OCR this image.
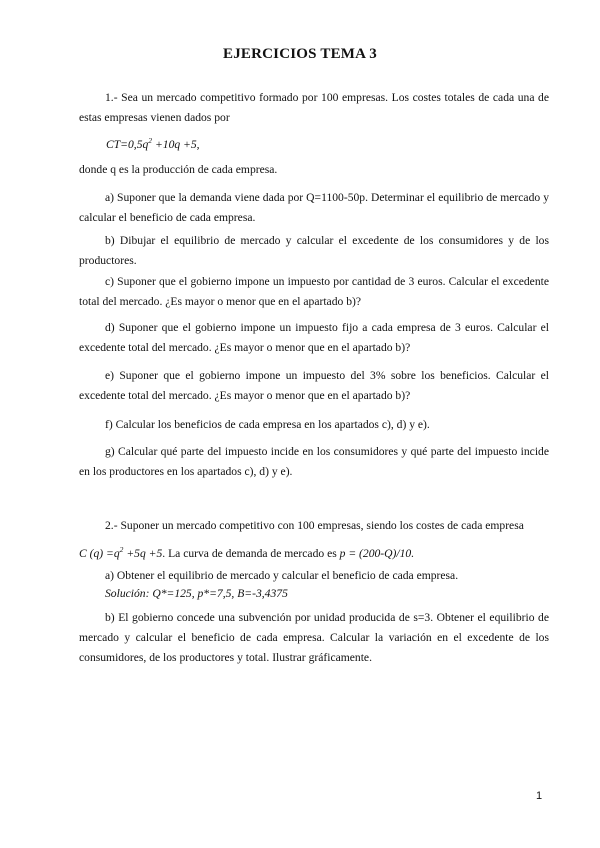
EJERCICIOS TEMA 3

1.- Sea un mercado competitivo formado por 100 empresas. Los costes totales de cada una de estas empresas vienen dados por

$CT=0,5q^2 +10q +5$,

donde q es la producción de cada empresa.

a) Suponer que la demanda viene dada por Q=1100-50p. Determinar el equilibrio de mercado y calcular el beneficio de cada empresa.

b) Dibujar el equilibrio de mercado y calcular el excedente de los consumidores y de los productores.

c) Suponer que el gobierno impone un impuesto por cantidad de 3 euros. Calcular el excedente total del mercado. ¿Es mayor o menor que en el apartado b)?

d) Suponer que el gobierno impone un impuesto fijo a cada empresa de 3 euros. Calcular el excedente total del mercado. ¿Es mayor o menor que en el apartado b)?

e) Suponer que el gobierno impone un impuesto del 3% sobre los beneficios. Calcular el excedente total del mercado. ¿Es mayor o menor que en el apartado b)?

f) Calcular los beneficios de cada empresa en los apartados c), d) y e).

g) Calcular qué parte del impuesto incide en los consumidores y qué parte del impuesto incide en los productores en los apartados c), d) y e).

2.- Suponer un mercado competitivo con 100 empresas, siendo los costes de cada empresa

C $(q) =q^2 +5q +5$. La curva de demanda de mercado es p = (200-Q)/10.

a) Obtener el equilibrio de mercado y calcular el beneficio de cada empresa.

Solución: Q*=125, p*=7,5, B=-3,4375

b) El gobierno concede una subvención por unidad producida de s=3. Obtener el equilibrio de mercado y calcular el beneficio de cada empresa. Calcular la variación en el excedente de los consumidores, de los productores y total. Ilustrar gráficamente.

1
